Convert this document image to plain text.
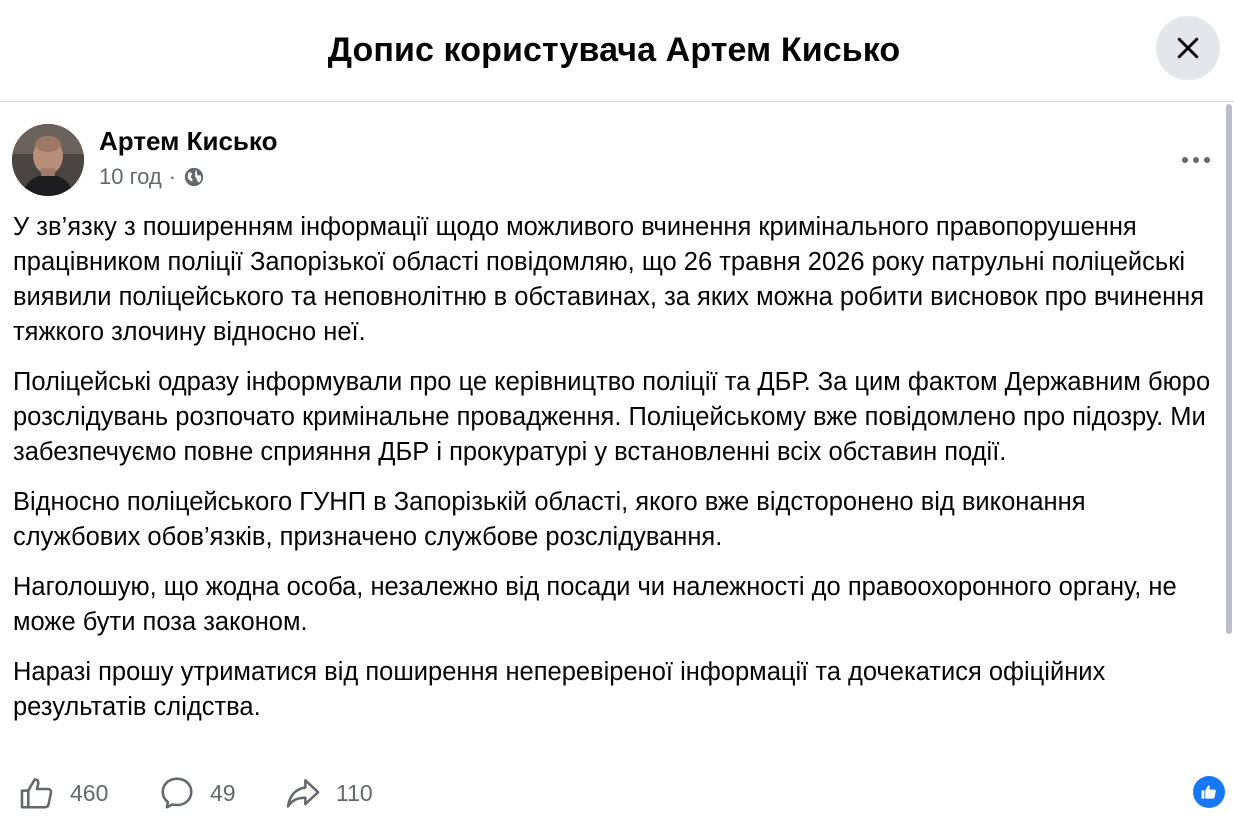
Допис користувача Артем Кисько
Артем Кисько
10 год ·

У зв’язку з поширенням інформації щодо можливого вчинення кримінального правопорушення працівником поліції Запорізької області повідомляю, що 26 травня 2026 року патрульні поліцейські виявили поліцейського та неповнолітню в обставинах, за яких можна робити висновок про вчинення тяжкого злочину відносно неї.

Поліцейські одразу інформували про це керівництво поліції та ДБР. За цим фактом Державним бюро розслідувань розпочато кримінальне провадження. Поліцейському вже повідомлено про підозру. Ми забезпечуємо повне сприяння ДБР і прокуратурі у встановленні всіх обставин події.

Відносно поліцейського ГУНП в Запорізькій області, якого вже відсторонено від виконання службових обов’язків, призначено службове розслідування.

Наголошую, що жодна особа, незалежно від посади чи належності до правоохоронного органу, не може бути поза законом.

Наразі прошу утриматися від поширення неперевіреної інформації та дочекатися офіційних результатів слідства.

460	49	110
